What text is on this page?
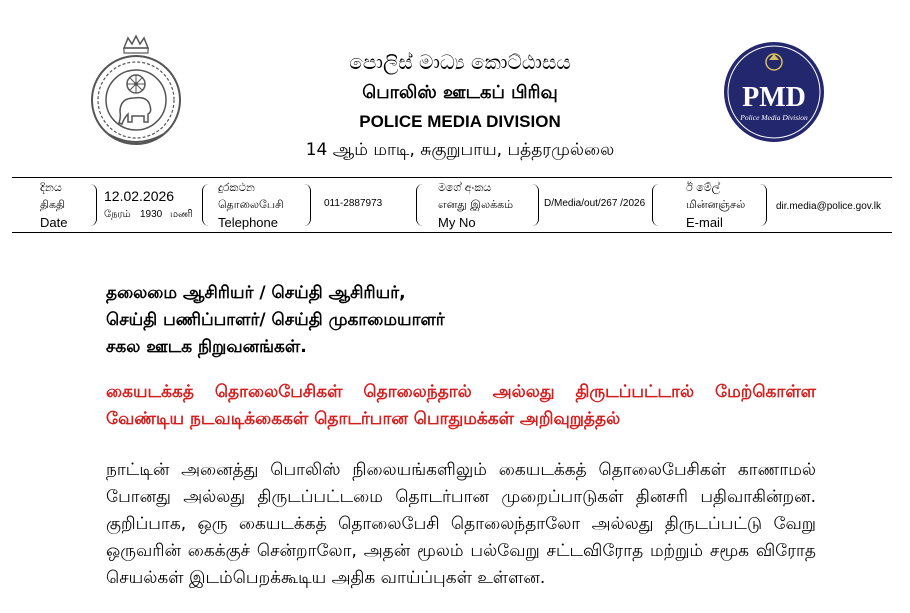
පොලිස් මාධ්‍ය කොට්ඨාසය
பொலிஸ் ஊடகப் பிரிவு
POLICE MEDIA DIVISION
14 ஆம் மாடி, சுகுறுபாய, பத்தரமுல்லை
PMD
Police Media Division
දිනය
திகதி
Date
12.02.2026
நேரம் 1930 மணி
දුරකථන
தொலைபேசி
Telephone
011-2887973
මගේ අංකය
எனது இலக்கம்
My No
D/Media/out/267 /2026
ඊ මේල්
மின்னஞ்சல்
E-mail
dir.media@police.gov.lk
தலைமை ஆசிரியர் / செய்தி ஆசிரியர்,
செய்தி பணிப்பாளர்/ செய்தி முகாமையாளர்
சகல ஊடக நிறுவனங்கள்.
கையடக்கத் தொலைபேசிகள் தொலைந்தால் அல்லது திருடப்பட்டால் மேற்கொள்ள
வேண்டிய நடவடிக்கைகள் தொடர்பான பொதுமக்கள் அறிவுறுத்தல்
நாட்டின் அனைத்து பொலிஸ் நிலையங்களிலும் கையடக்கத் தொலைபேசிகள் காணாமல்
போனது அல்லது திருடப்பட்டமை தொடர்பான முறைப்பாடுகள் தினசரி பதிவாகின்றன.
குறிப்பாக, ஒரு கையடக்கத் தொலைபேசி தொலைந்தாலோ அல்லது திருடப்பட்டு வேறு
ஒருவரின் கைக்குச் சென்றாலோ, அதன் மூலம் பல்வேறு சட்டவிரோத மற்றும் சமூக விரோத
செயல்கள் இடம்பெறக்கூடிய அதிக வாய்ப்புகள் உள்ளன.
